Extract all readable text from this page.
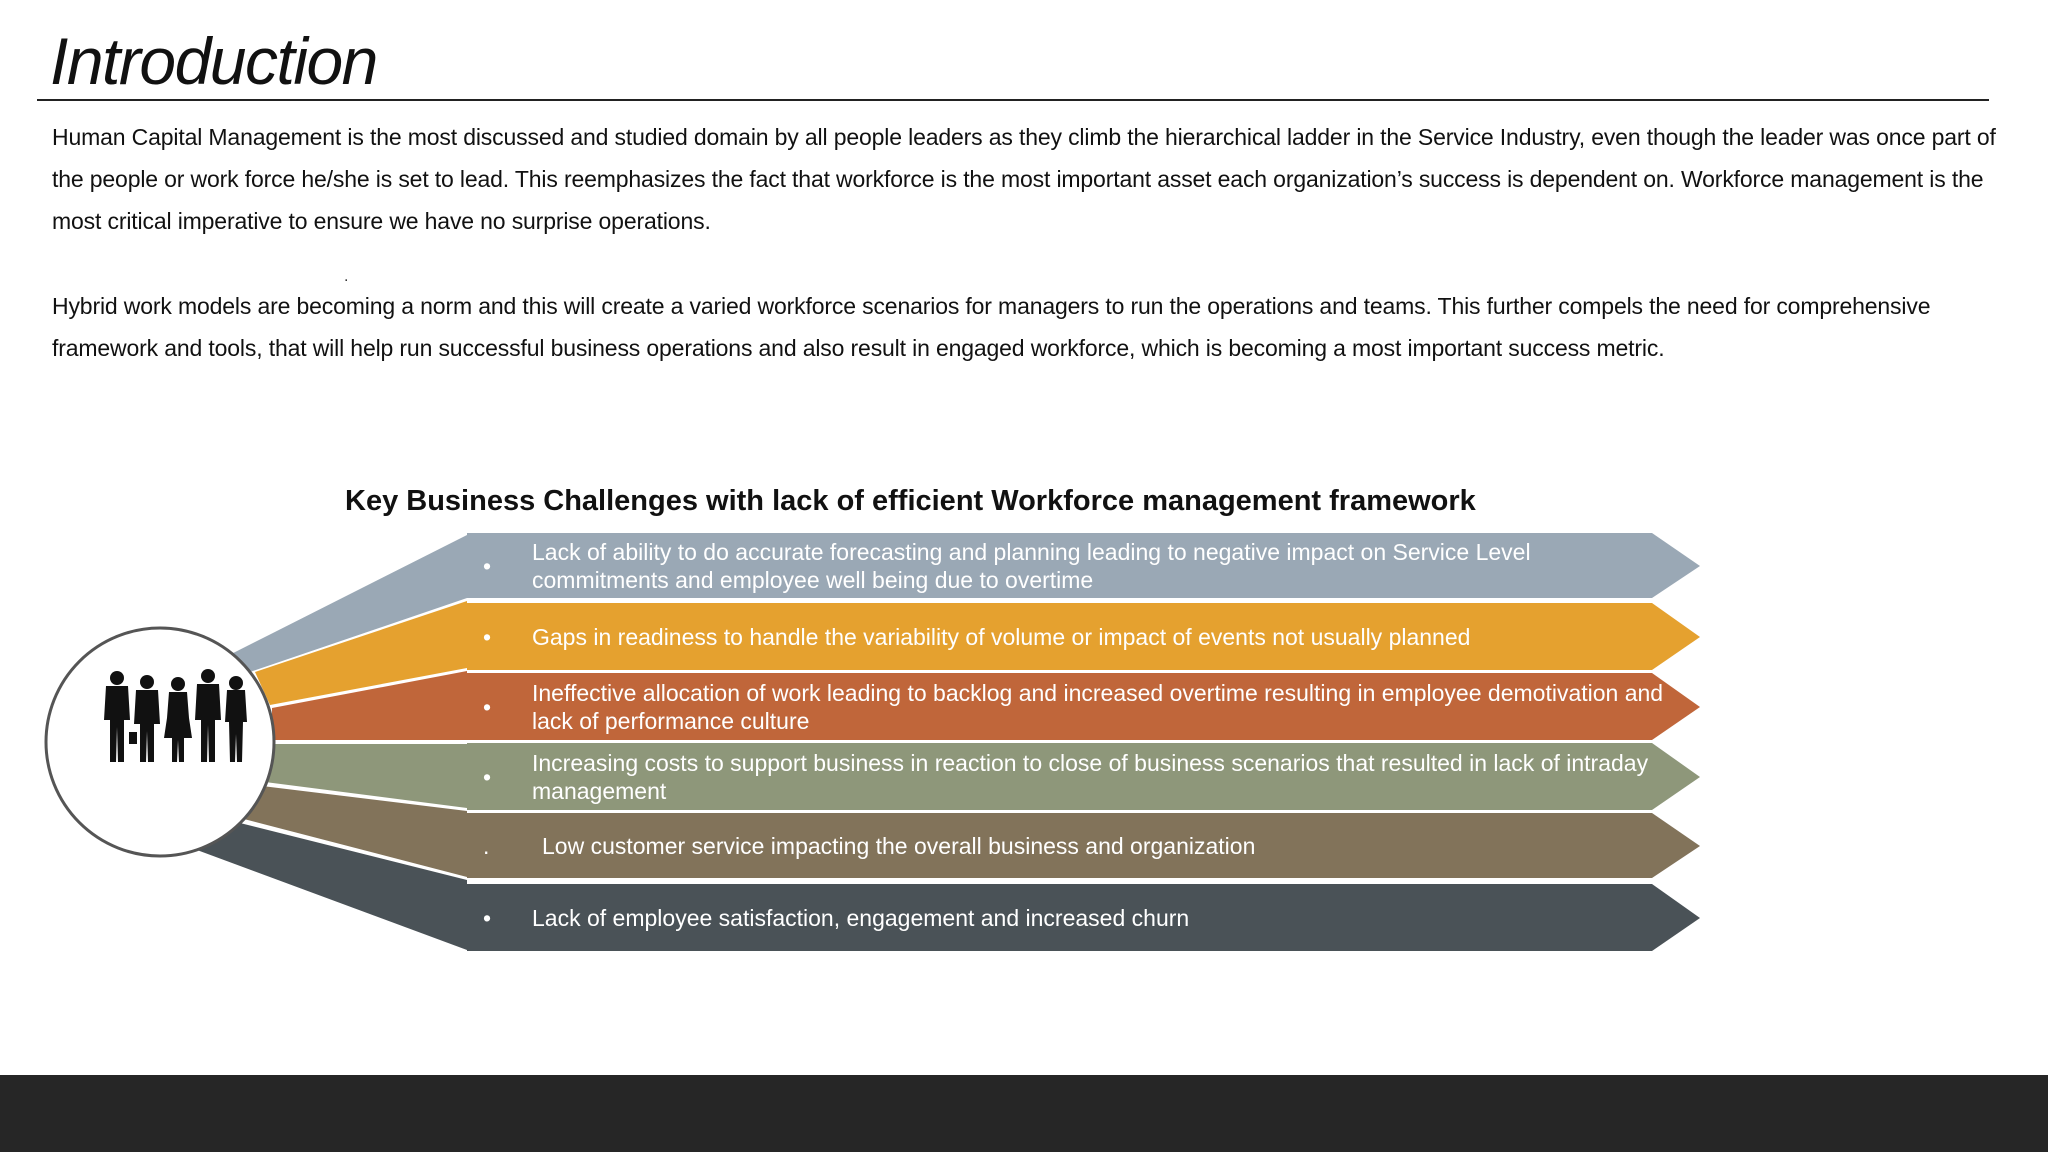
Introduction

Human Capital Management is the most discussed and studied domain by all people leaders as they climb the hierarchical ladder in the Service Industry, even though the leader was once part of the people or work force he/she is set to lead. This reemphasizes the fact that workforce is the most important asset each organization’s success is dependent on. Workforce management is the most critical imperative to ensure we have no surprise operations.

.

Hybrid work models are becoming a norm and this will create a varied workforce scenarios for managers to run the operations and teams. This further compels the need for comprehensive framework and tools, that will help run successful business operations and also result in engaged workforce, which is becoming a most important success metric.

Key Business Challenges with lack of efficient Workforce management framework
•
Lack of ability to do accurate forecasting and planning leading to negative impact on Service Level commitments and employee well being due to overtime
•	Gaps in readiness to handle the variability of volume or impact of events not usually planned
•
Ineffective allocation of work leading to backlog and increased overtime resulting in employee demotivation and lack of performance culture
•
Increasing costs to support business in reaction to close of business scenarios that resulted in lack of intraday management
.	Low customer service impacting the overall business and organization
•	Lack of employee satisfaction, engagement and increased churn
